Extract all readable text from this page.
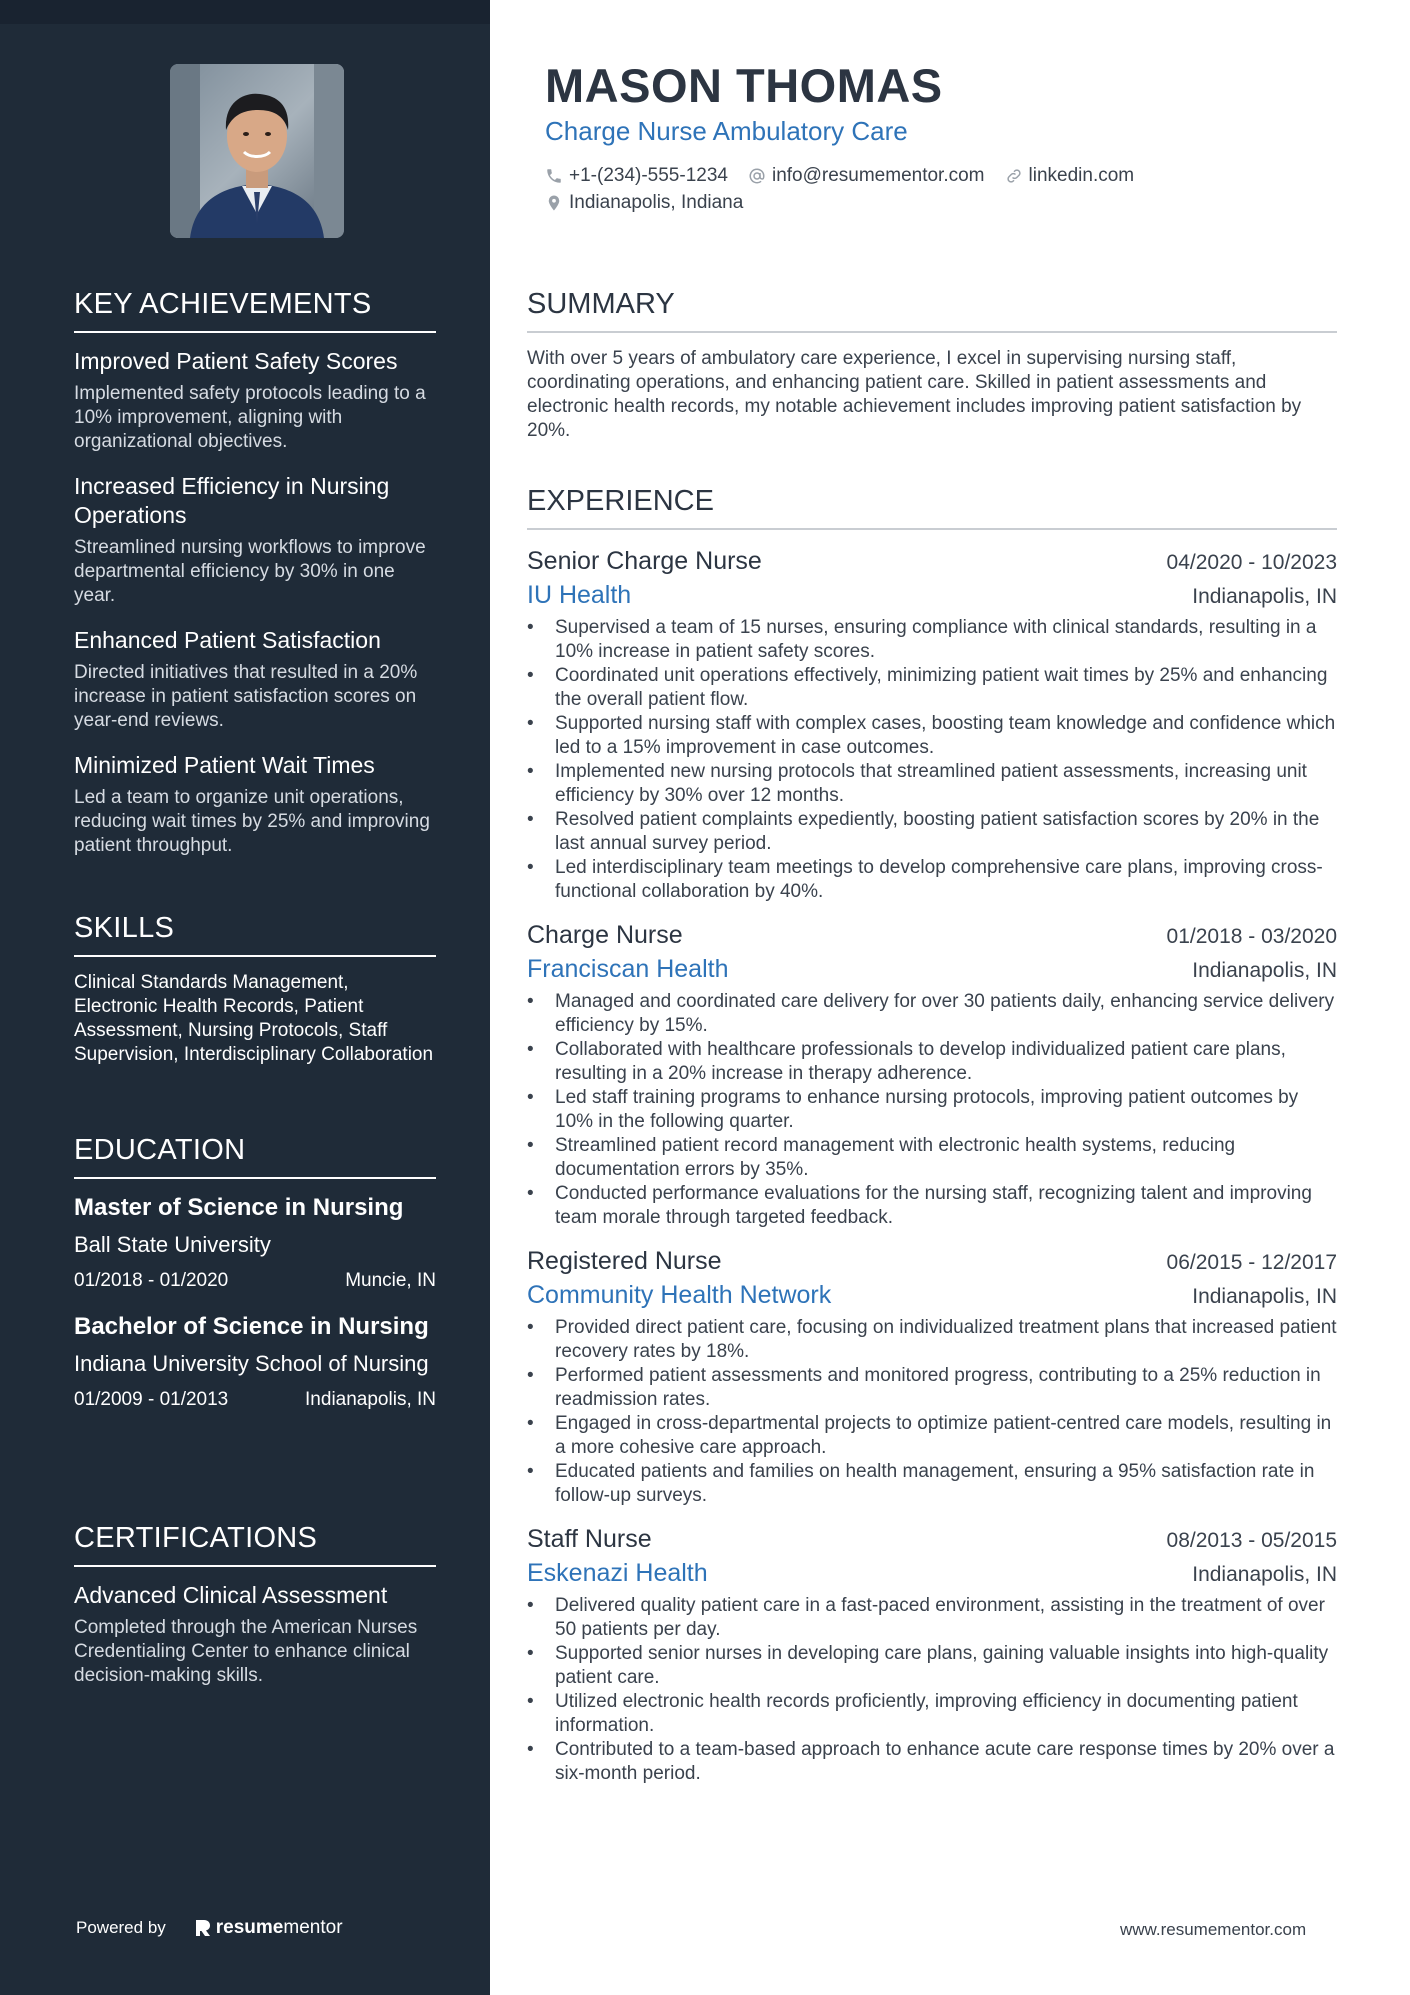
KEY ACHIEVEMENTS
Improved Patient Safety Scores
Implemented safety protocols leading to a 10% improvement, aligning with organizational objectives.
Increased Efficiency in Nursing Operations
Streamlined nursing workflows to improve departmental efficiency by 30% in one year.
Enhanced Patient Satisfaction
Directed initiatives that resulted in a 20% increase in patient satisfaction scores on year-end reviews.
Minimized Patient Wait Times
Led a team to organize unit operations, reducing wait times by 25% and improving patient throughput.
SKILLS
Clinical Standards Management, Electronic Health Records, Patient Assessment, Nursing Protocols, Staff Supervision, Interdisciplinary Collaboration
EDUCATION
Master of Science in Nursing
Ball State University
01/2018 - 01/2020	Muncie, IN
Bachelor of Science in Nursing
Indiana University School of Nursing
01/2009 - 01/2013	Indianapolis, IN
CERTIFICATIONS
Advanced Clinical Assessment
Completed through the American Nurses Credentialing Center to enhance clinical decision-making skills.
Powered by	resume mentor
MASON THOMAS
Charge Nurse Ambulatory Care
+1-(234)-555-1234 info@resumementor.com linkedin.com
Indianapolis, Indiana
SUMMARY
With over 5 years of ambulatory care experience, I excel in supervising nursing staff, coordinating operations, and enhancing patient care. Skilled in patient assessments and electronic health records, my notable achievement includes improving patient satisfaction by 20%.
EXPERIENCE
Senior Charge Nurse	04/2020 - 10/2023
IU Health	Indianapolis, IN
• Supervised a team of 15 nurses, ensuring compliance with clinical standards, resulting in a 10% increase in patient safety scores.
• Coordinated unit operations effectively, minimizing patient wait times by 25% and enhancing the overall patient flow.
• Supported nursing staff with complex cases, boosting team knowledge and confidence which led to a 15% improvement in case outcomes.
• Implemented new nursing protocols that streamlined patient assessments, increasing unit efficiency by 30% over 12 months.
• Resolved patient complaints expediently, boosting patient satisfaction scores by 20% in the last annual survey period.
• Led interdisciplinary team meetings to develop comprehensive care plans, improving cross-functional collaboration by 40%.
Charge Nurse	01/2018 - 03/2020
Franciscan Health	Indianapolis, IN
• Managed and coordinated care delivery for over 30 patients daily, enhancing service delivery efficiency by 15%.
• Collaborated with healthcare professionals to develop individualized patient care plans, resulting in a 20% increase in therapy adherence.
• Led staff training programs to enhance nursing protocols, improving patient outcomes by 10% in the following quarter.
• Streamlined patient record management with electronic health systems, reducing documentation errors by 35%.
• Conducted performance evaluations for the nursing staff, recognizing talent and improving team morale through targeted feedback.
Registered Nurse	06/2015 - 12/2017
Community Health Network	Indianapolis, IN
• Provided direct patient care, focusing on individualized treatment plans that increased patient recovery rates by 18%.
• Performed patient assessments and monitored progress, contributing to a 25% reduction in readmission rates.
• Engaged in cross-departmental projects to optimize patient-centred care models, resulting in a more cohesive care approach.
• Educated patients and families on health management, ensuring a 95% satisfaction rate in follow-up surveys.
Staff Nurse	08/2013 - 05/2015
Eskenazi Health	Indianapolis, IN
• Delivered quality patient care in a fast-paced environment, assisting in the treatment of over 50 patients per day.
• Supported senior nurses in developing care plans, gaining valuable insights into high-quality patient care.
• Utilized electronic health records proficiently, improving efficiency in documenting patient information.
• Contributed to a team-based approach to enhance acute care response times by 20% over a six-month period.
www.resumementor.com
